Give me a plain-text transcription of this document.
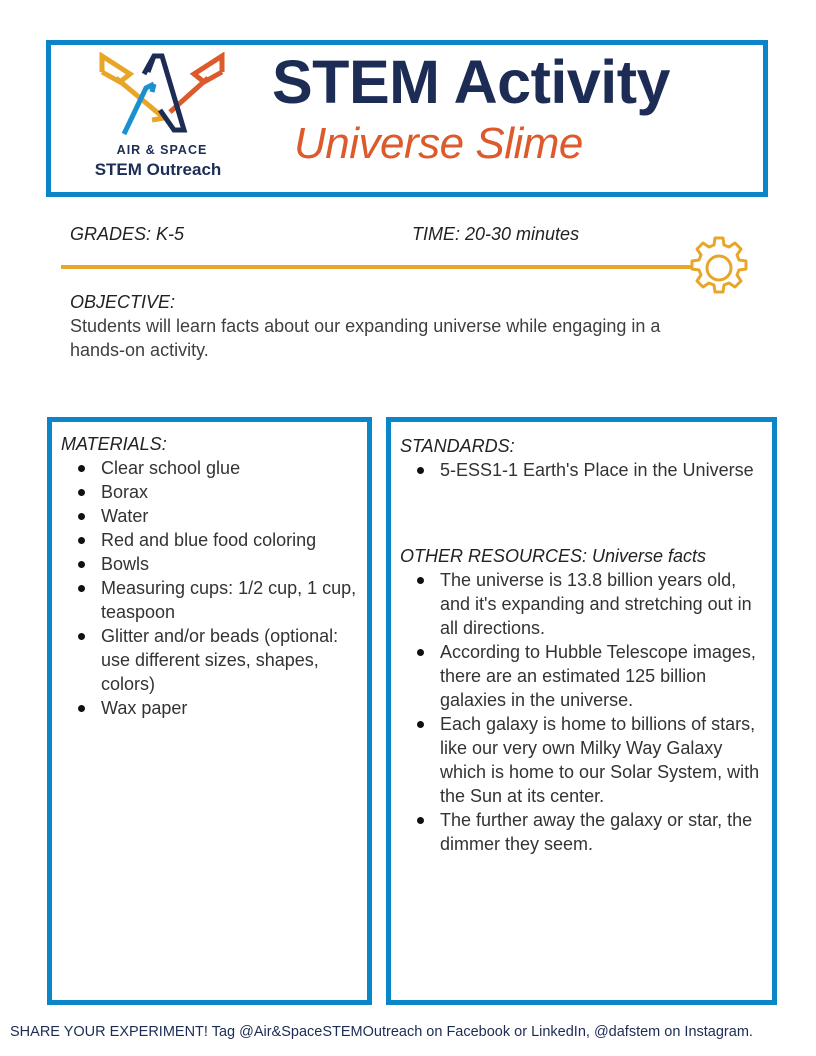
AIR & SPACE
STEM Outreach
STEM Activity
Universe Slime
GRADES: K-5	TIME: 20-30 minutes
OBJECTIVE:
Students will learn facts about our expanding universe while engaging in a hands-on activity.
MATERIALS:
Clear school glue
Borax
Water
Red and blue food coloring
Bowls
Measuring cups: 1/2 cup, 1 cup, teaspoon
Glitter and/or beads (optional: use different sizes, shapes, colors)
Wax paper
STANDARDS:
5-ESS1-1 Earth's Place in the Universe
OTHER RESOURCES: Universe facts
The universe is 13.8 billion years old, and it's expanding and stretching out in all directions.
According to Hubble Telescope images, there are an estimated 125 billion galaxies in the universe.
Each galaxy is home to billions of stars, like our very own Milky Way Galaxy which is home to our Solar System, with the Sun at its center.
The further away the galaxy or star, the dimmer they seem.
SHARE YOUR EXPERIMENT! Tag @Air&SpaceSTEMOutreach on Facebook or LinkedIn, @dafstem on Instagram.
